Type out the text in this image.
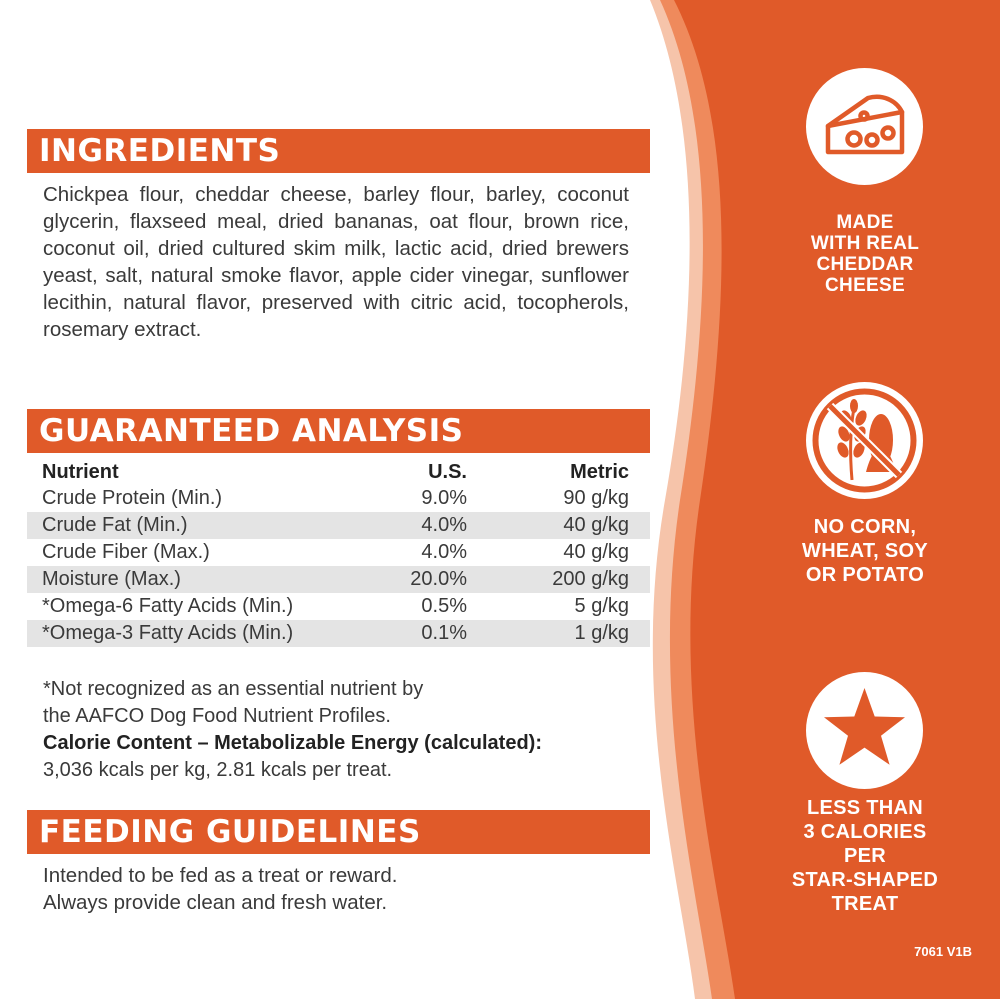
INGREDIENTS
Chickpea flour, cheddar cheese, barley flour, barley, coconut glycerin, flaxseed meal, dried bananas, oat flour, brown rice, coconut oil, dried cultured skim milk, lactic acid, dried brewers yeast, salt, natural smoke flavor, apple cider vinegar, sunflower lecithin, natural flavor, preserved with citric acid, tocopherols, rosemary extract.
GUARANTEED ANALYSIS
Nutrient	U.S.	Metric
Crude Protein (Min.)	9.0%	90 g/kg
Crude Fat (Min.)	4.0%	40 g/kg
Crude Fiber (Max.)	4.0%	40 g/kg
Moisture (Max.)	20.0%	200 g/kg
*Omega-6 Fatty Acids (Min.)	0.5%	5 g/kg
*Omega-3 Fatty Acids (Min.)	0.1%	1 g/kg
*Not recognized as an essential nutrient by
the AAFCO Dog Food Nutrient Profiles.
Calorie Content – Metabolizable Energy (calculated):
3,036 kcals per kg, 2.81 kcals per treat.
FEEDING GUIDELINES
Intended to be fed as a treat or reward.
Always provide clean and fresh water.
MADE
WITH REAL
CHEDDAR
CHEESE
NO CORN,
WHEAT, SOY
OR POTATO
LESS THAN
3 CALORIES
PER
STAR-SHAPED
TREAT
7061 V1B
